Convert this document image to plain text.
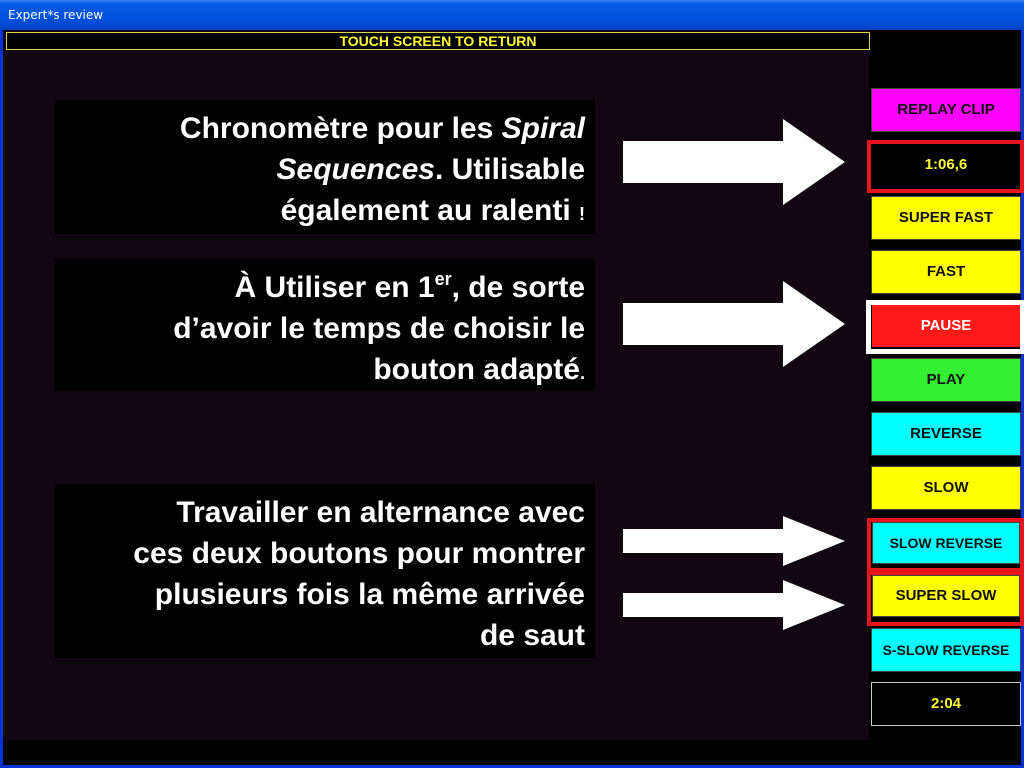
Expert*s review
TOUCH SCREEN TO RETURN
Chronomètre pour les Spiral
Sequences. Utilisable
également au ralenti !
À Utiliser en 1er, de sorte
d’avoir le temps de choisir le
bouton adapté.
Travailler en alternance avec
ces deux boutons pour montrer
plusieurs fois la même arrivée
de saut
REPLAY CLIP
1:06,6
SUPER FAST
FAST
PAUSE
PLAY
REVERSE
SLOW
SLOW REVERSE
SUPER SLOW
S-SLOW REVERSE
2:04
